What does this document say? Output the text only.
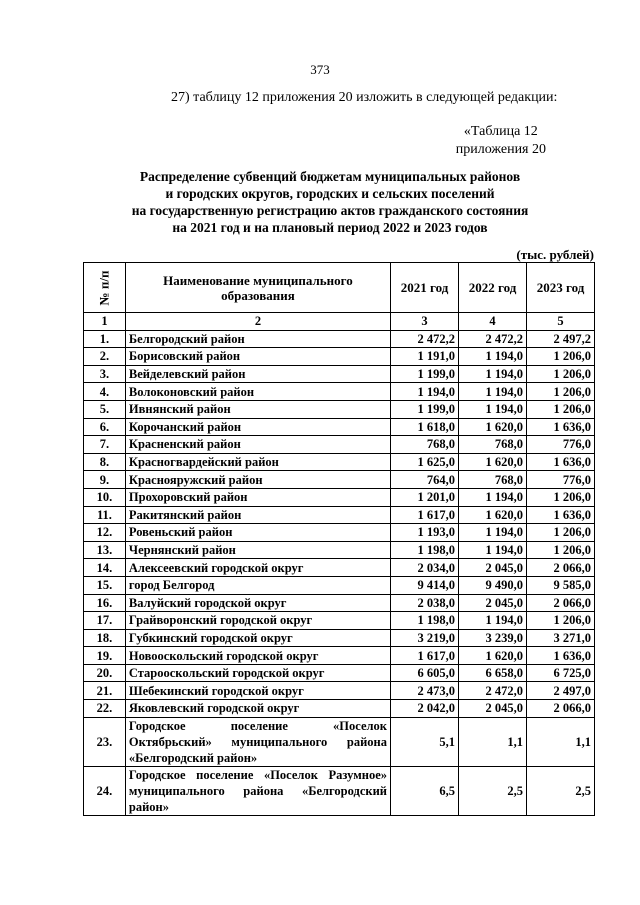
373
27) таблицу 12 приложения 20 изложить в следующей редакции:
«Таблица 12
приложения 20
Распределение субвенций бюджетам муниципальных районов
и городских округов, городских и сельских поселений
на государственную регистрацию актов гражданского состояния
на 2021 год и на плановый период 2022 и 2023 годов
(тыс. рублей)
№ п/п	Наименование муниципального образования	2021 год	2022 год	2023 год
1	2	3	4	5
1.	Белгородский район	2 472,2	2 472,2	2 497,2
2.	Борисовский район	1 191,0	1 194,0	1 206,0
3.	Вейделевский район	1 199,0	1 194,0	1 206,0
4.	Волоконовский район	1 194,0	1 194,0	1 206,0
5.	Ивнянский район	1 199,0	1 194,0	1 206,0
6.	Корочанский район	1 618,0	1 620,0	1 636,0
7.	Красненский район	768,0	768,0	776,0
8.	Красногвардейский район	1 625,0	1 620,0	1 636,0
9.	Краснояружский район	764,0	768,0	776,0
10.	Прохоровский район	1 201,0	1 194,0	1 206,0
11.	Ракитянский район	1 617,0	1 620,0	1 636,0
12.	Ровеньский район	1 193,0	1 194,0	1 206,0
13.	Чернянский район	1 198,0	1 194,0	1 206,0
14.	Алексеевский городской округ	2 034,0	2 045,0	2 066,0
15.	город Белгород	9 414,0	9 490,0	9 585,0
16.	Валуйский городской округ	2 038,0	2 045,0	2 066,0
17.	Грайворонский городской округ	1 198,0	1 194,0	1 206,0
18.	Губкинский городской округ	3 219,0	3 239,0	3 271,0
19.	Новооскольский городской округ	1 617,0	1 620,0	1 636,0
20.	Старооскольский городской округ	6 605,0	6 658,0	6 725,0
21.	Шебекинский городской округ	2 473,0	2 472,0	2 497,0
22.	Яковлевский городской округ	2 042,0	2 045,0	2 066,0
23.	Городское поселение «Поселок Октябрьский» муниципального района «Белгородский район»	5,1	1,1	1,1
24.	Городское поселение «Поселок Разумное» муниципального района «Белгородский район»	6,5	2,5	2,5
